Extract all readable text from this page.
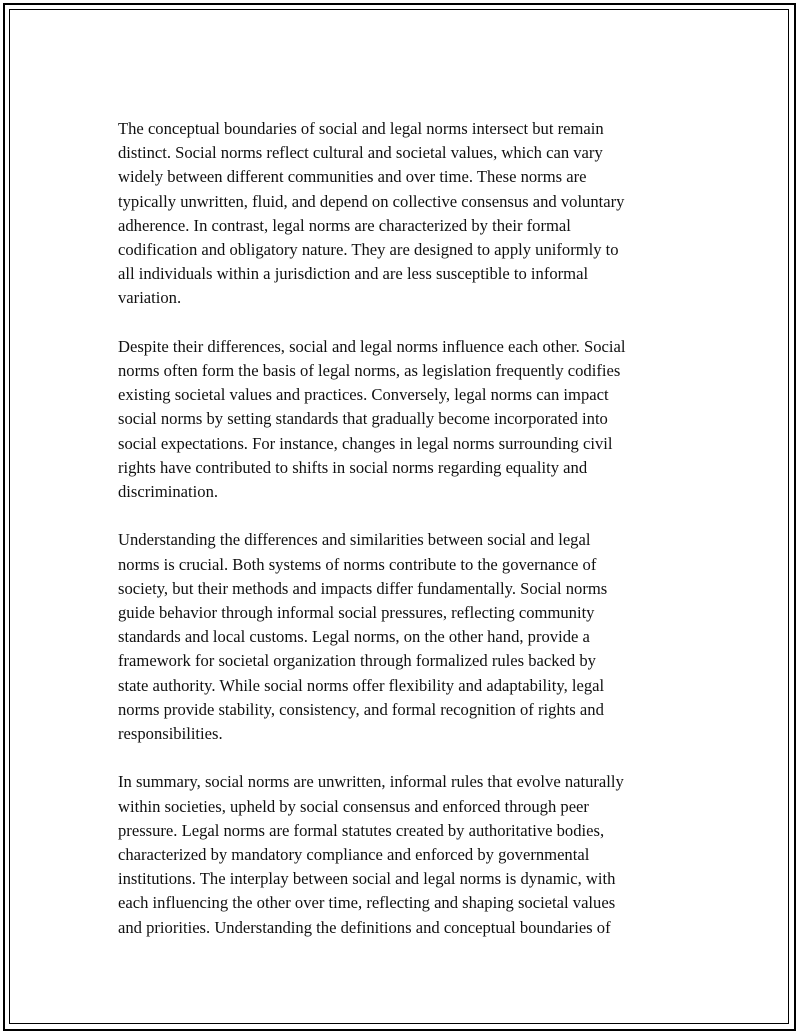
The conceptual boundaries of social and legal norms intersect but remain
distinct. Social norms reflect cultural and societal values, which can vary
widely between different communities and over time. These norms are
typically unwritten, fluid, and depend on collective consensus and voluntary
adherence. In contrast, legal norms are characterized by their formal
codification and obligatory nature. They are designed to apply uniformly to
all individuals within a jurisdiction and are less susceptible to informal
variation.

Despite their differences, social and legal norms influence each other. Social
norms often form the basis of legal norms, as legislation frequently codifies
existing societal values and practices. Conversely, legal norms can impact
social norms by setting standards that gradually become incorporated into
social expectations. For instance, changes in legal norms surrounding civil
rights have contributed to shifts in social norms regarding equality and
discrimination.

Understanding the differences and similarities between social and legal
norms is crucial. Both systems of norms contribute to the governance of
society, but their methods and impacts differ fundamentally. Social norms
guide behavior through informal social pressures, reflecting community
standards and local customs. Legal norms, on the other hand, provide a
framework for societal organization through formalized rules backed by
state authority. While social norms offer flexibility and adaptability, legal
norms provide stability, consistency, and formal recognition of rights and
responsibilities.

In summary, social norms are unwritten, informal rules that evolve naturally
within societies, upheld by social consensus and enforced through peer
pressure. Legal norms are formal statutes created by authoritative bodies,
characterized by mandatory compliance and enforced by governmental
institutions. The interplay between social and legal norms is dynamic, with
each influencing the other over time, reflecting and shaping societal values
and priorities. Understanding the definitions and conceptual boundaries of
